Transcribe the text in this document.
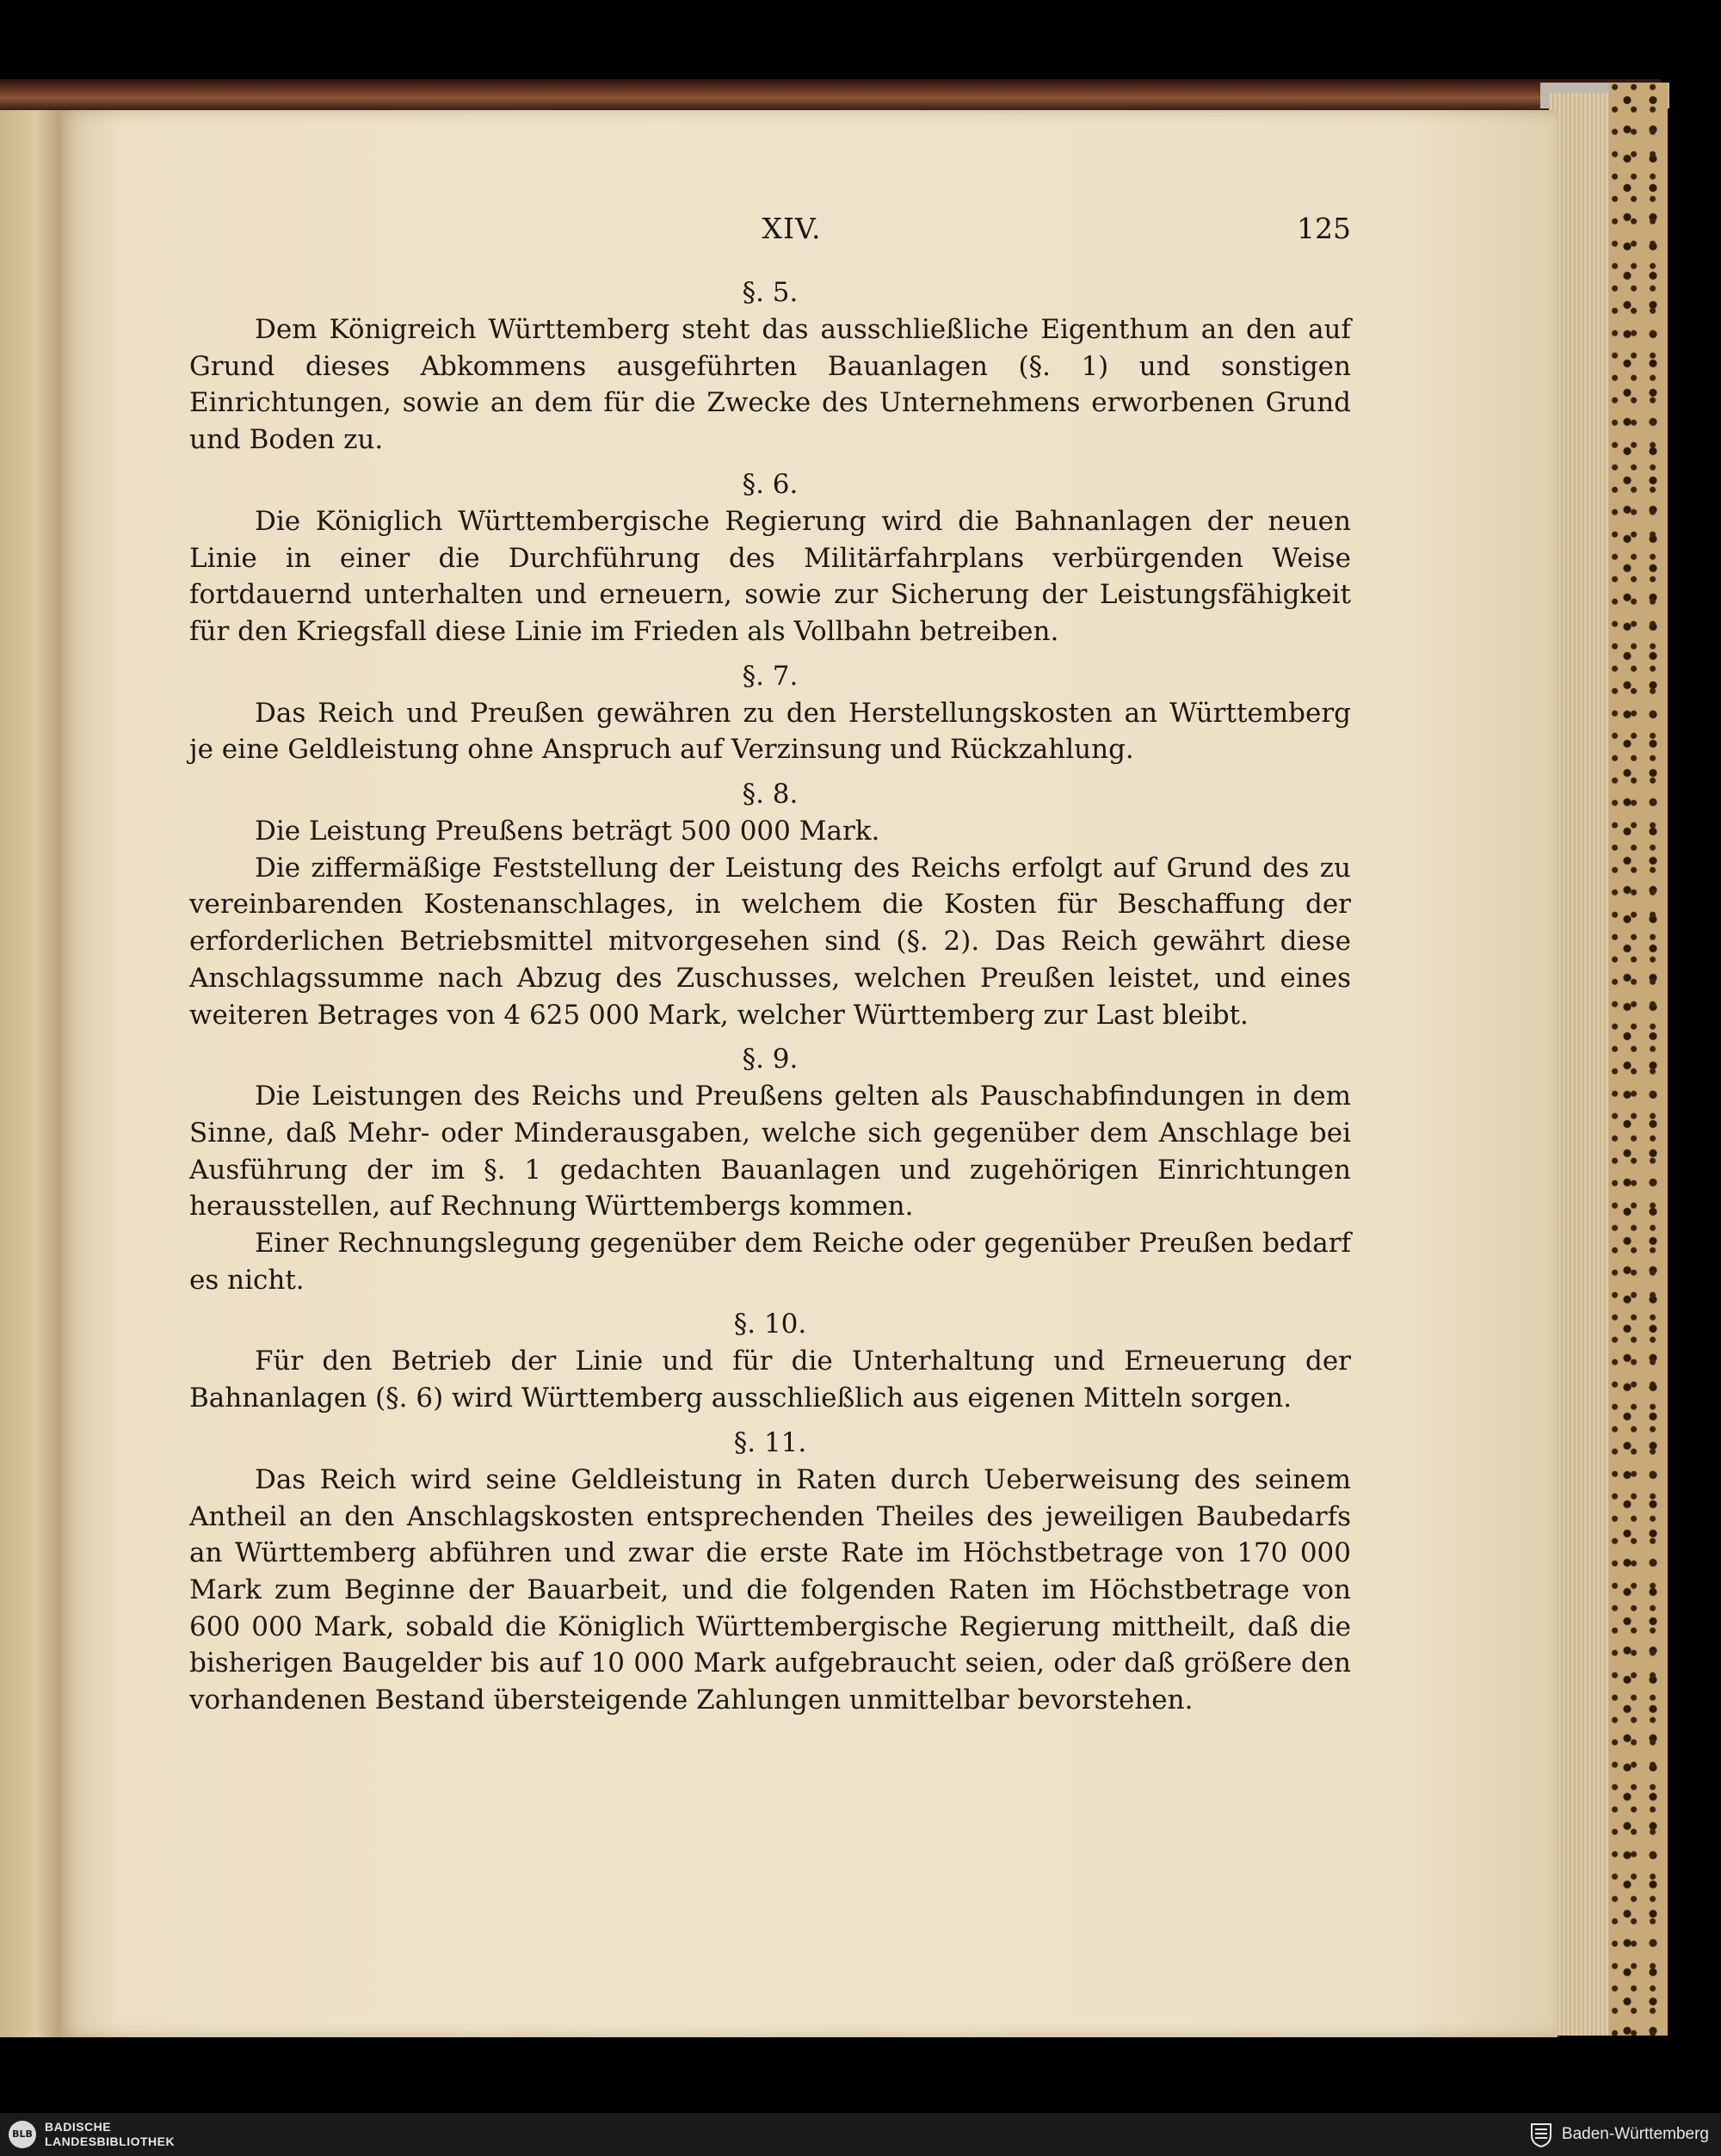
XIV.	125
§. 5.

Dem Königreich Württemberg steht das ausschließliche Eigenthum an den auf Grund dieses Abkommens ausgeführten Bauanlagen (§. 1) und sonstigen Einrichtungen, sowie an dem für die Zwecke des Unternehmens erworbenen Grund und Boden zu.

§. 6.

Die Königlich Württembergische Regierung wird die Bahnanlagen der neuen Linie in einer die Durchführung des Militärfahrplans verbürgenden Weise fortdauernd unterhalten und erneuern, sowie zur Sicherung der Leistungsfähigkeit für den Kriegsfall diese Linie im Frieden als Vollbahn betreiben.

§. 7.

Das Reich und Preußen gewähren zu den Herstellungskosten an Württemberg je eine Geldleistung ohne Anspruch auf Verzinsung und Rückzahlung.

§. 8.

Die Leistung Preußens beträgt 500 000 Mark.

Die ziffermäßige Feststellung der Leistung des Reichs erfolgt auf Grund des zu vereinbarenden Kostenanschlages, in welchem die Kosten für Beschaffung der erforderlichen Betriebsmittel mitvorgesehen sind (§. 2). Das Reich gewährt diese Anschlagssumme nach Abzug des Zuschusses, welchen Preußen leistet, und eines weiteren Betrages von 4 625 000 Mark, welcher Württemberg zur Last bleibt.

§. 9.

Die Leistungen des Reichs und Preußens gelten als Pauschabfindungen in dem Sinne, daß Mehr- oder Minderausgaben, welche sich gegenüber dem Anschlage bei Ausführung der im §. 1 gedachten Bauanlagen und zugehörigen Einrichtungen herausstellen, auf Rechnung Württembergs kommen.

Einer Rechnungslegung gegenüber dem Reiche oder gegenüber Preußen bedarf es nicht.

§. 10.

Für den Betrieb der Linie und für die Unterhaltung und Erneuerung der Bahnanlagen (§. 6) wird Württemberg ausschließlich aus eigenen Mitteln sorgen.

§. 11.

Das Reich wird seine Geldleistung in Raten durch Ueberweisung des seinem Antheil an den Anschlagskosten entsprechenden Theiles des jeweiligen Baubedarfs an Württemberg abführen und zwar die erste Rate im Höchstbetrage von 170 000 Mark zum Beginne der Bauarbeit, und die folgenden Raten im Höchstbetrage von 600 000 Mark, sobald die Königlich Württembergische Regierung mittheilt, daß die bisherigen Baugelder bis auf 10 000 Mark aufgebraucht seien, oder daß größere den vorhandenen Bestand übersteigende Zahlungen unmittelbar bevorstehen.

BLB
BADISCHE
LANDESBIBLIOTHEK	Baden-Württemberg
